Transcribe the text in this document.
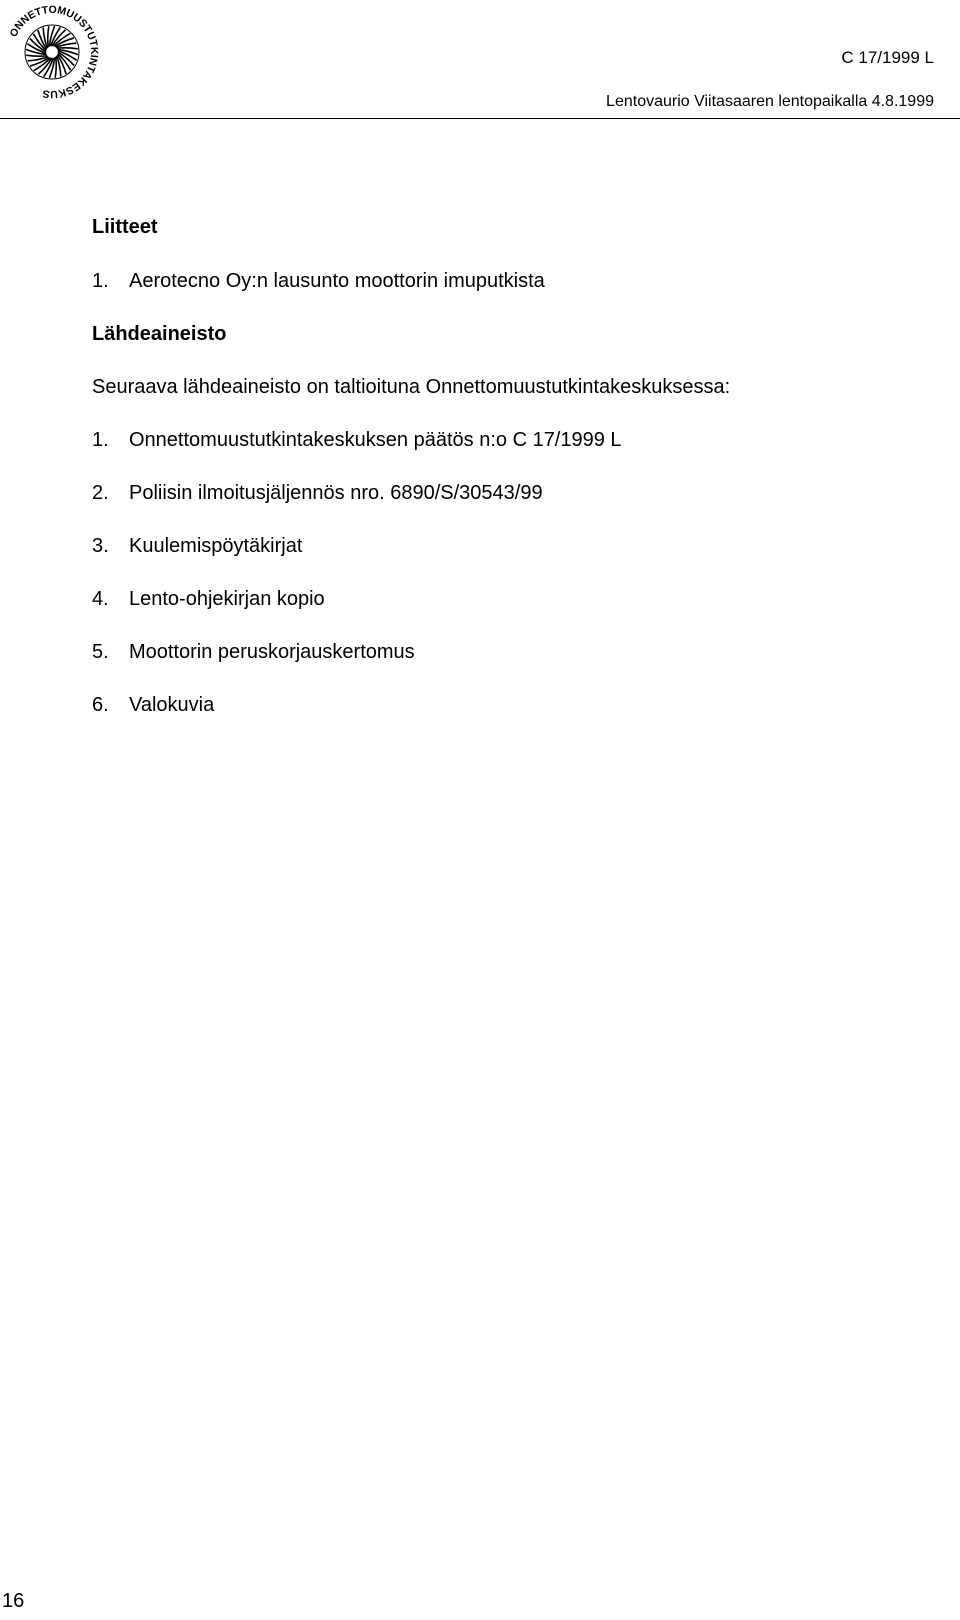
ONNETTOMUUSTUTKINTAKESKUS
C 17/1999 L
Lentovaurio Viitasaaren lentopaikalla 4.8.1999
Liitteet
1. Aerotecno Oy:n lausunto moottorin imuputkista
Lähdeaineisto
Seuraava lähdeaineisto on taltioituna Onnettomuustutkintakeskuksessa:
1. Onnettomuustutkintakeskuksen päätös n:o C 17/1999 L
2. Poliisin ilmoitusjäljennös nro. 6890/S/30543/99
3. Kuulemispöytäkirjat
4. Lento-ohjekirjan kopio
5. Moottorin peruskorjauskertomus
6. Valokuvia
16
